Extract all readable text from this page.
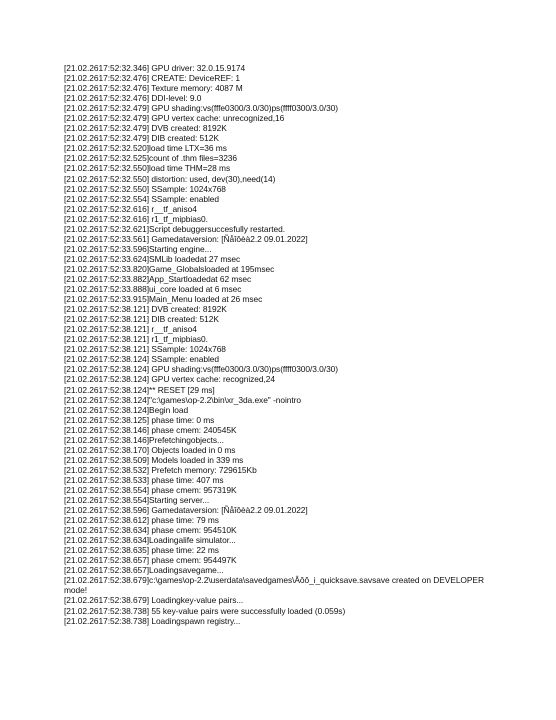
[21.02.2617:52:32.346] GPU driver: 32.0.15.9174
[21.02.2617:52:32.476] CREATE: DeviceREF: 1
[21.02.2617:52:32.476] Texture memory: 4087 M
[21.02.2617:52:32.476] DDI-level: 9.0
[21.02.2617:52:32.479] GPU shading:vs(fffe0300/3.0/30)ps(ffff0300/3.0/30)
[21.02.2617:52:32.479] GPU vertex cache: unrecognized,16
[21.02.2617:52:32.479] DVB created: 8192K
[21.02.2617:52:32.479] DIB created: 512K
[21.02.2617:52:32.520]load time LTX=36 ms
[21.02.2617:52:32.525]count of .thm files=3236
[21.02.2617:52:32.550]load time THM=28 ms
[21.02.2617:52:32.550] distortion: used, dev(30),need(14)
[21.02.2617:52:32.550] SSample: 1024x768
[21.02.2617:52:32.554] SSample: enabled
[21.02.2617:52:32.616] r__tf_aniso4
[21.02.2617:52:32.616] r1_tf_mipbias0.
[21.02.2617:52:32.621]Script debuggersuccesfully restarted.
[21.02.2617:52:33.561] Gamedataversion: [Ñåîôèà2.2 09.01.2022]
[21.02.2617:52:33.596]Starting engine...
[21.02.2617:52:33.624]SMLib loadedat 27 msec
[21.02.2617:52:33.820]Game_Globalsloaded at 195msec
[21.02.2617:52:33.882]App_Startloadedat 62 msec
[21.02.2617:52:33.888]ui_core loaded at 6 msec
[21.02.2617:52:33.915]Main_Menu loaded at 26 msec
[21.02.2617:52:38.121] DVB created: 8192K
[21.02.2617:52:38.121] DIB created: 512K
[21.02.2617:52:38.121] r__tf_aniso4
[21.02.2617:52:38.121] r1_tf_mipbias0.
[21.02.2617:52:38.121] SSample: 1024x768
[21.02.2617:52:38.124] SSample: enabled
[21.02.2617:52:38.124] GPU shading:vs(fffe0300/3.0/30)ps(ffff0300/3.0/30)
[21.02.2617:52:38.124] GPU vertex cache: recognized,24
[21.02.2617:52:38.124]** RESET [29 ms]
[21.02.2617:52:38.124]"c:\games\op-2.2\bin\xr_3da.exe" -nointro
[21.02.2617:52:38.124]Begin load
[21.02.2617:52:38.125] phase time: 0 ms
[21.02.2617:52:38.146] phase cmem: 240545K
[21.02.2617:52:38.146]Prefetchingobjects...
[21.02.2617:52:38.170] Objects loaded in 0 ms
[21.02.2617:52:38.509] Models loaded in 339 ms
[21.02.2617:52:38.532] Prefetch memory: 729615Kb
[21.02.2617:52:38.533] phase time: 407 ms
[21.02.2617:52:38.554] phase cmem: 957319K
[21.02.2617:52:38.554]Starting server...
[21.02.2617:52:38.596] Gamedataversion: [Ñåîôèà2.2 09.01.2022]
[21.02.2617:52:38.612] phase time: 79 ms
[21.02.2617:52:38.634] phase cmem: 954510K
[21.02.2617:52:38.634]Loadingalife simulator...
[21.02.2617:52:38.635] phase time: 22 ms
[21.02.2617:52:38.657] phase cmem: 954497K
[21.02.2617:52:38.657]Loadingsavegame...
[21.02.2617:52:38.679]c:\games\op-2.2\userdata\savedgames\Âôô_i_quicksave.savsave created on DEVELOPER mode!
[21.02.2617:52:38.679] Loadingkey-value pairs...
[21.02.2617:52:38.738] 55 key-value pairs were successfully loaded (0.059s)
[21.02.2617:52:38.738] Loadingspawn registry...
